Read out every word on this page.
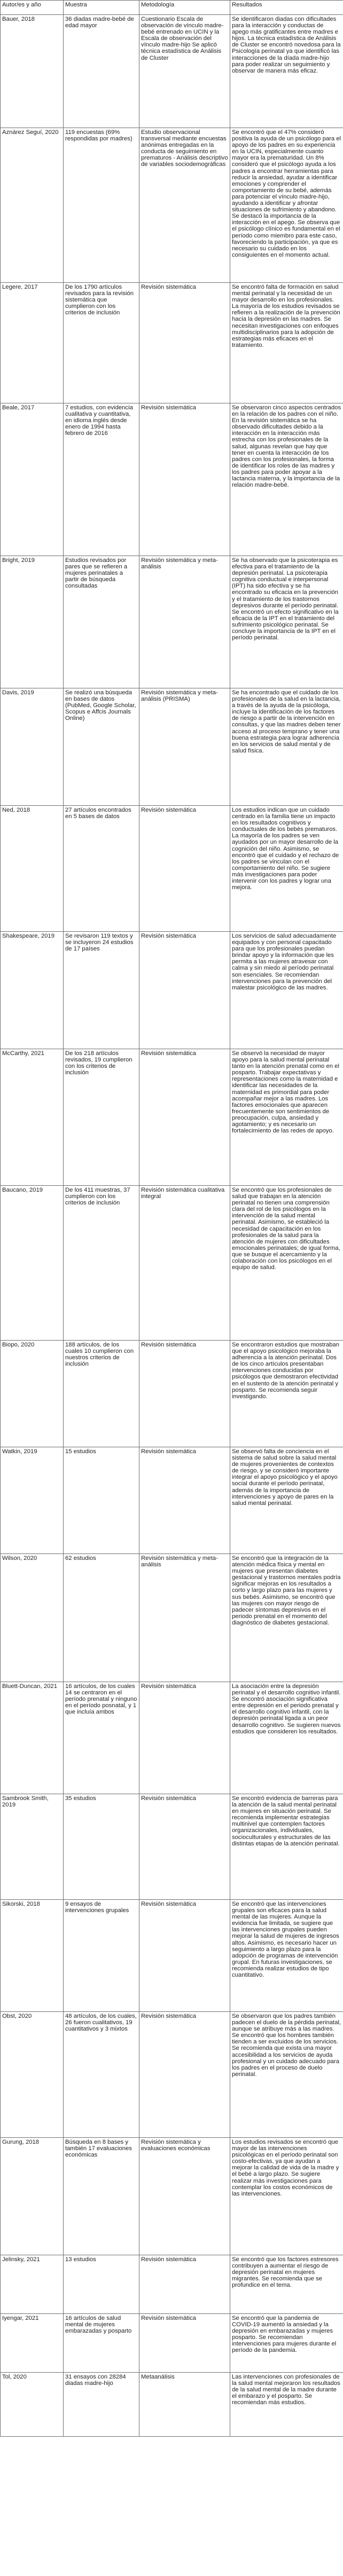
Autor/es y año	Muestra	Metodología	Resultados
Bauer, 2018	36 diadas madre-bebé de edad mayor	Cuestionario Escala de observación de vínculo madre-bebé entrenado en UCIN y la Escala de observación del vínculo madre-hijo Se aplicó técnica estadística de Análisis de Cluster	Se identificaron diadas con dificultades para la interacción y conductas de apego más gratificantes entre madres e hijos. La técnica estadística de Análisis de Cluster se encontró novedosa para la Psicología perinatal ya que identificó las interacciones de la díada madre-hijo para poder realizar un seguimiento y observar de manera más eficaz.
Aznárez Seguí, 2020	119 encuestas (69% respondidas por madres)	Estudio observacional transversal mediante encuestas anónimas entregadas en la conducta de seguimiento en prematuros - Análisis descriptivo de variables sociodemográficas	Se encontró que el 47% consideró positiva la ayuda de un psicólogo para el apoyo de los padres en su experiencia en la UCIN, especialmente cuanto mayor era la prematuridad. Un 8% consideró que el psicólogo ayuda a los padres a encontrar herramientas para reducir la ansiedad, ayudar a identificar emociones y comprender el comportamiento de su bebé, además para potenciar el vínculo madre-hijo, ayudando a identificar y afrontar situaciones de sufrimiento y abandono. Se destacó la importancia de la interacción en el apego. Se observa que el psicólogo clínico es fundamental en el período como miembro para este caso, favoreciendo la participación, ya que es necesario su cuidado en los consiguientes en el momento actual.
Legere, 2017	De los 1790 artículos revisados para la revisión sistemática que cumplieron con los criterios de inclusión	Revisión sistemática	Se encontró falta de formación en salud mental perinatal y la necesidad de un mayor desarrollo en los profesionales. La mayoría de los estudios revisados se refieren a la realización de la prevención hacia la depresión en las madres. Se necesitan investigaciones con enfoques multidisciplinarios para la adopción de estrategias más eficaces en el tratamiento.
Beale, 2017	7 estudios, con evidencia cualitativa y cuantitativa, en idioma inglés desde enero de 1994 hasta febrero de 2016	Revisión sistemática	Se observaron cinco aspectos centrados en la relación de los padres con el niño. En la revisión sistemática se ha observado dificultades debido a la interacción en la interacción más estrecha con los profesionales de la salud, algunas revelan que hay que tener en cuenta la interacción de los padres con los profesionales, la forma de identificar los roles de las madres y los padres para poder apoyar a la lactancia materna, y la importancia de la relación madre-bebé.
Bright, 2019	Estudios revisados por pares que se refieren a mujeres perinatales a partir de búsqueda consultadas	Revisión sistemática y meta-análisis	Se ha observado que la psicoterapia es efectiva para el tratamiento de la depresión perinatal. La psicoterapia cognitiva conductual e interpersonal (IPT) ha sido efectiva y se ha encontrado su eficacia en la prevención y el tratamiento de los trastornos depresivos durante el período perinatal. Se encontró un efecto significativo en la eficacia de la IPT en el tratamiento del sufrimiento psicológico perinatal. Se concluye la importancia de la IPT en el período perinatal.
Davis, 2019	Se realizó una búsqueda en bases de datos (PubMed, Google Scholar, Scopus e Affcis Journals Online)	Revisión sistemática y meta-análisis (PRISMA)	Se ha encontrado que el cuidado de los profesionales de la salud en la lactancia, a través de la ayuda de la psicóloga, incluye la identificación de los factores de riesgo a partir de la intervención en consultas, y que las madres deben tener acceso al proceso temprano y tener una buena estrategia para lograr adherencia en los servicios de salud mental y de salud física.
Ned, 2018	27 artículos encontrados en 5 bases de datos	Revisión sistemática	Los estudios indican que un cuidado centrado en la familia tiene un impacto en los resultados cognitivos y conductuales de los bebés prematuros. La mayoría de los padres se ven ayudados por un mayor desarrollo de la cognición del niño. Asimismo, se encontró que el cuidado y el rechazo de los padres se vinculan con el comportamiento del niño. Se sugiere más investigaciones para poder intervenir con los padres y lograr una mejora.
Shakespeare, 2019	Se revisaron 119 textos y se incluyeron 24 estudios de 17 países	Revisión sistemática	Los servicios de salud adecuadamente equipados y con personal capacitado para que los profesionales puedan brindar apoyo y la información que les permita a las mujeres atravesar con calma y sin miedo al período perinatal son esenciales. Se recomiendan intervenciones para la prevención del malestar psicológico de las madres.
McCarthy, 2021	De los 218 artículos revisados, 19 cumplieron con los criterios de inclusión	Revisión sistemática	Se observó la necesidad de mayor apoyo para la salud mental perinatal tanto en la atención prenatal como en el posparto. Trabajar expectativas y representaciones como la maternidad e identificar las necesidades de la maternidad es primordial para poder acompañar mejor a las madres. Los factores emocionales que aparecen frecuentemente son sentimientos de preocupación, culpa, ansiedad y agotamiento; y es necesario un fortalecimiento de las redes de apoyo.
Baucano, 2019	De los 411 muestras, 37 cumplieron con los criterios de inclusión	Revisión sistemática cualitativa integral	Se encontró que los profesionales de salud que trabajan en la atención perinatal no tienen una comprensión clara del rol de los psicólogos en la intervención de la salud mental perinatal. Asimismo, se estableció la necesidad de capacitación en los profesionales de la salud para la atención de mujeres con dificultades emocionales perinatales; de igual forma, que se busque el acercamiento y la colaboración con los psicólogos en el equipo de salud.
Biopo, 2020	188 artículos, de los cuales 10 cumplieron con nuestros criterios de inclusión	Revisión sistemática	Se encontraron estudios que mostraban que el apoyo psicológico mejoraba la adherencia a la atención perinatal. Dos de los cinco artículos presentaban intervenciones conducidas por psicólogos que demostraron efectividad en el sustento de la atención perinatal y posparto. Se recomienda seguir investigando.
Watkin, 2019	15 estudios	Revisión sistemática	Se observó falta de conciencia en el sistema de salud sobre la salud mental de mujeres provenientes de contextos de riesgo, y se consideró importante integrar el apoyo psicológico y el apoyo social durante el período perinatal, además de la importancia de intervenciones y apoyo de pares en la salud mental perinatal.
Wilson, 2020	62 estudios	Revisión sistemática y meta-análisis	Se encontró que la integración de la atención médica física y mental en mujeres que presentan diabetes gestacional y trastornos mentales podría significar mejoras en los resultados a corto y largo plazo para las mujeres y sus bebés. Asimismo, se encontró que las mujeres con mayor riesgo de padecer síntomas depresivos en el periodo prenatal en el momento del diagnóstico de diabetes gestacional.
Bluett-Duncan, 2021	16 artículos, de los cuales 14 se centraron en el período prenatal y ninguno en el período posnatal, y 1 que incluía ambos	Revisión sistemática	La asociación entre la depresión perinatal y el desarrollo cognitivo infantil. Se encontró asociación significativa entre depresión en el periodo prenatal y el desarrollo cognitivo infantil, con la depresión perinatal ligada a un peor desarrollo cognitivo. Se sugieren nuevos estudios que consideren los resultados.
Sambrook Smith, 2019	35 estudios	Revisión sistemática	Se encontró evidencia de barreras para la atención de la salud mental perinatal en mujeres en situación perinatal. Se recomienda implementar estrategias multinivel que contemplen factores organizacionales, individuales, socioculturales y estructurales de las distintas etapas de la atención perinatal.
Sikorski, 2018	9 ensayos de intervenciones grupales	Revisión sistemática	Se encontró que las intervenciones grupales son eficaces para la salud mental de las mujeres. Aunque la evidencia fue limitada, se sugiere que las intervenciones grupales pueden mejorar la salud de mujeres de ingresos altos. Asimismo, es necesario hacer un seguimiento a largo plazo para la adopción de programas de intervención grupal. En futuras investigaciones, se recomienda realizar estudios de tipo cuantitativo.
Obst, 2020	48 artículos, de los cuales, 26 fueron cualitativos, 19 cuantitativos y 3 mixtos	Revisión sistemática	Se observaron que los padres también padecen el duelo de la pérdida perinatal, aunque se atribuye más a las madres. Se encontró que los hombres también tienden a ser excluidos de los servicios. Se recomienda que exista una mayor accesibilidad a los servicios de ayuda profesional y un cuidado adecuado para los padres en el proceso de duelo perinatal.
Gurung, 2018	Búsqueda en 8 bases y también 17 evaluaciones económicas	Revisión sistemática y evaluaciones económicas	Los estudios revisados se encontró que mayor de las intervenciones psicológicas en el período perinatal son costo-efectivas, ya que ayudan a mejorar la calidad de vida de la madre y el bebé a largo plazo. Se sugiere realizar más investigaciones para contemplar los costos económicos de las intervenciones.
Jelinsky, 2021	13 estudios	Revisión sistemática	Se encontró que los factores estresores contribuyen a aumentar el riesgo de depresión perinatal en mujeres migrantes. Se recomienda que se profundice en el tema.
Iyengar, 2021	16 artículos de salud mental de mujeres embarazadas y posparto	Revisión sistemática	Se encontró que la pandemia de COVID-19 aumentó la ansiedad y la depresión en embarazadas y mujeres posparto. Se recomiendan intervenciones para mujeres durante el período de la pandemia.
Tol, 2020	31 ensayos con 28284 diadas madre-hijo	Metaanálisis	Las intervenciones con profesionales de la salud mental mejoraron los resultados de la salud mental de la madre durante el embarazo y el posparto. Se recomiendan más estudios.
